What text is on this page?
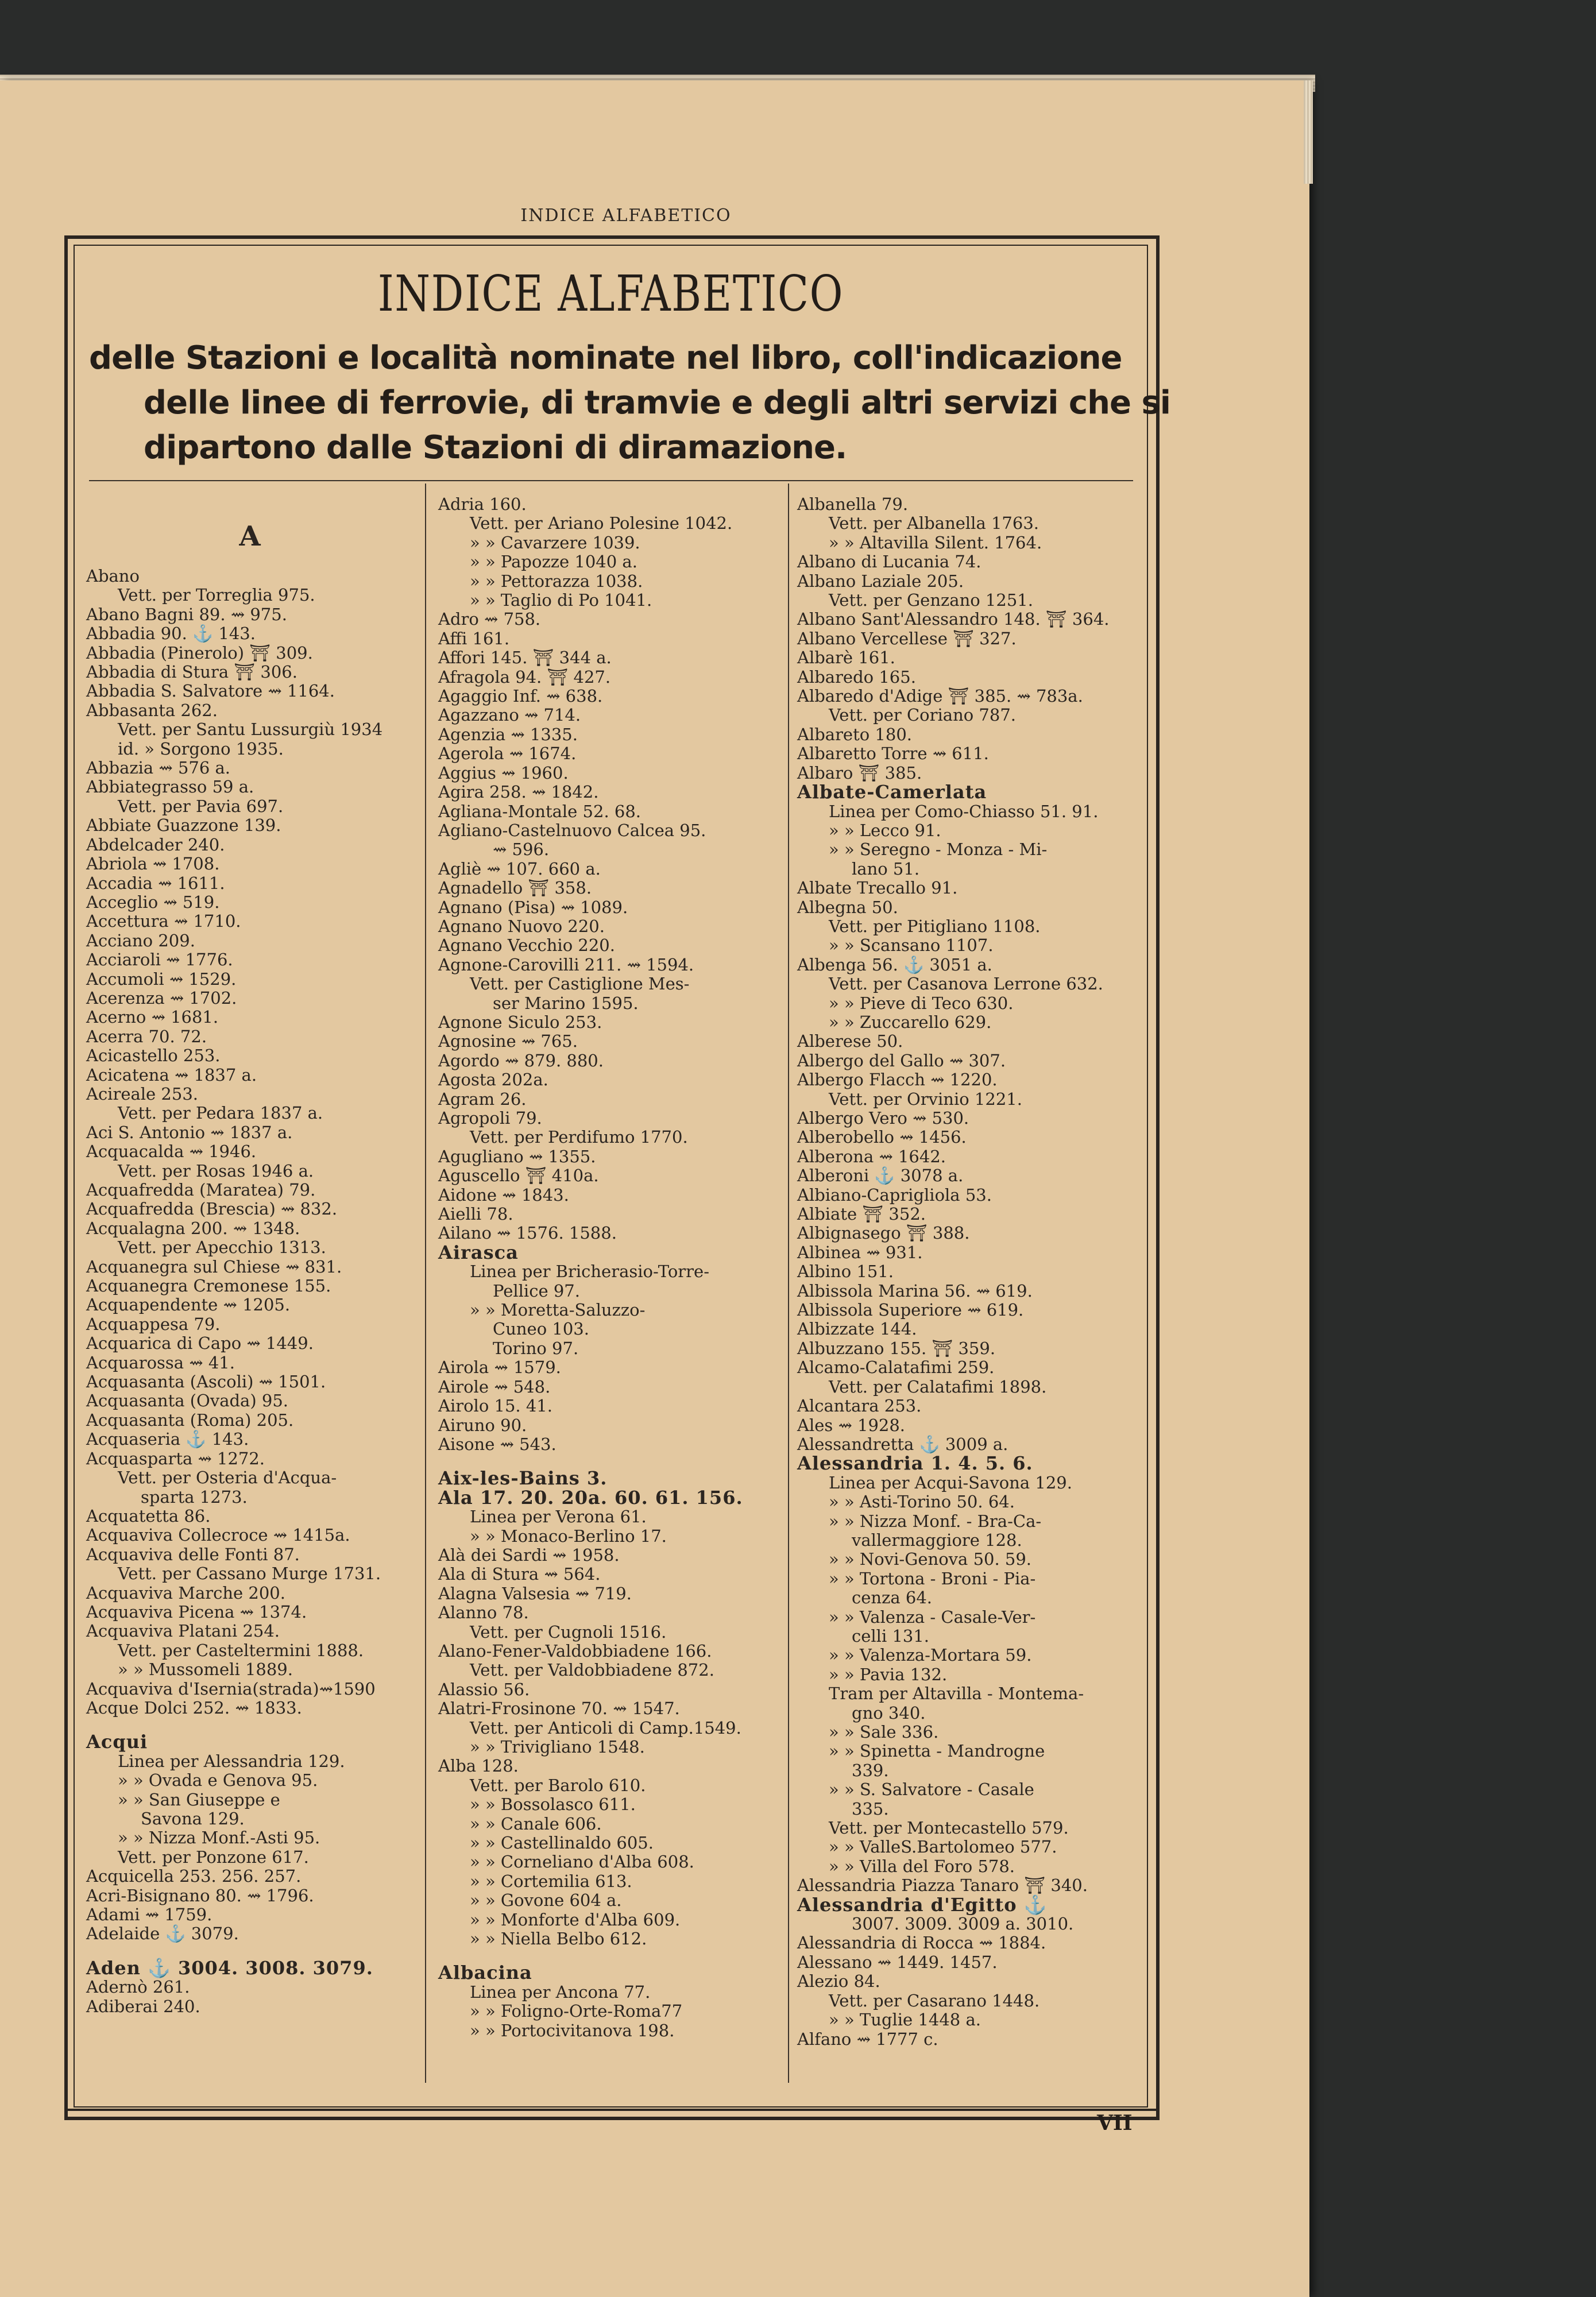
INDICE ALFABETICO
INDICE ALFABETICO
delle Stazioni e località nominate nel libro, coll'indicazione delle linee di ferrovie, di tramvie e degli altri servizi che si dipartono dalle Stazioni di diramazione.
A
Abano
Vett. per Torreglia 975.
Abano Bagni 89. ⇝ 975.
Abbadia 90. ⚓ 143.
Abbadia (Pinerolo) ⛩ 309.
Abbadia di Stura ⛩ 306.
Abbadia S. Salvatore ⇝ 1164.
Abbasanta 262.
Vett. per Santu Lussurgiù 1934
id. » Sorgono 1935.
Abbazia ⇝ 576 a.
Abbiategrasso 59 a.
Vett. per Pavia 697.
Abbiate Guazzone 139.
Abdelcader 240.
Abriola ⇝ 1708.
Accadia ⇝ 1611.
Acceglio ⇝ 519.
Accettura ⇝ 1710.
Acciano 209.
Acciaroli ⇝ 1776.
Accumoli ⇝ 1529.
Acerenza ⇝ 1702.
Acerno ⇝ 1681.
Acerra 70. 72.
Acicastello 253.
Acicatena ⇝ 1837 a.
Acireale 253.
Vett. per Pedara 1837 a.
Aci S. Antonio ⇝ 1837 a.
Acquacalda ⇝ 1946.
Vett. per Rosas 1946 a.
Acquafredda (Maratea) 79.
Acquafredda (Brescia) ⇝ 832.
Acqualagna 200. ⇝ 1348.
Vett. per Apecchio 1313.
Acquanegra sul Chiese ⇝ 831.
Acquanegra Cremonese 155.
Acquapendente ⇝ 1205.
Acquappesa 79.
Acquarica di Capo ⇝ 1449.
Acquarossa ⇝ 41.
Acquasanta (Ascoli) ⇝ 1501.
Acquasanta (Ovada) 95.
Acquasanta (Roma) 205.
Acquaseria ⚓ 143.
Acquasparta ⇝ 1272.
Vett. per Osteria d'Acqua-
sparta 1273.
Acquatetta 86.
Acquaviva Collecroce ⇝ 1415a.
Acquaviva delle Fonti 87.
Vett. per Cassano Murge 1731.
Acquaviva Marche 200.
Acquaviva Picena ⇝ 1374.
Acquaviva Platani 254.
Vett. per Casteltermini 1888.
» » Mussomeli 1889.
Acquaviva d'Isernia(strada)⇝1590
Acque Dolci 252. ⇝ 1833.
Acqui
Linea per Alessandria 129.
» » Ovada e Genova 95.
» » San Giuseppe e
Savona 129.
» » Nizza Monf.-Asti 95.
Vett. per Ponzone 617.
Acquicella 253. 256. 257.
Acri-Bisignano 80. ⇝ 1796.
Adami ⇝ 1759.
Adelaide ⚓ 3079.
Aden ⚓ 3004. 3008. 3079.
Adernò 261.
Adiberai 240.
Adria 160.
Vett. per Ariano Polesine 1042.
» » Cavarzere 1039.
» » Papozze 1040 a.
» » Pettorazza 1038.
» » Taglio di Po 1041.
Adro ⇝ 758.
Affi 161.
Affori 145. ⛩ 344 a.
Afragola 94. ⛩ 427.
Agaggio Inf. ⇝ 638.
Agazzano ⇝ 714.
Agenzia ⇝ 1335.
Agerola ⇝ 1674.
Aggius ⇝ 1960.
Agira 258. ⇝ 1842.
Agliana-Montale 52. 68.
Agliano-Castelnuovo Calcea 95.
⇝ 596.
Agliè ⇝ 107. 660 a.
Agnadello ⛩ 358.
Agnano (Pisa) ⇝ 1089.
Agnano Nuovo 220.
Agnano Vecchio 220.
Agnone-Carovilli 211. ⇝ 1594.
Vett. per Castiglione Mes-
ser Marino 1595.
Agnone Siculo 253.
Agnosine ⇝ 765.
Agordo ⇝ 879. 880.
Agosta 202a.
Agram 26.
Agropoli 79.
Vett. per Perdifumo 1770.
Agugliano ⇝ 1355.
Aguscello ⛩ 410a.
Aidone ⇝ 1843.
Aielli 78.
Ailano ⇝ 1576. 1588.
Airasca
Linea per Bricherasio-Torre-
Pellice 97.
» » Moretta-Saluzzo-
Cuneo 103.
Torino 97.
Airola ⇝ 1579.
Airole ⇝ 548.
Airolo 15. 41.
Airuno 90.
Aisone ⇝ 543.
Aix-les-Bains 3.
Ala 17. 20. 20a. 60. 61. 156.
Linea per Verona 61.
» » Monaco-Berlino 17.
Alà dei Sardi ⇝ 1958.
Ala di Stura ⇝ 564.
Alagna Valsesia ⇝ 719.
Alanno 78.
Vett. per Cugnoli 1516.
Alano-Fener-Valdobbiadene 166.
Vett. per Valdobbiadene 872.
Alassio 56.
Alatri-Frosinone 70. ⇝ 1547.
Vett. per Anticoli di Camp.1549.
» » Trivigliano 1548.
Alba 128.
Vett. per Barolo 610.
» » Bossolasco 611.
» » Canale 606.
» » Castellinaldo 605.
» » Corneliano d'Alba 608.
» » Cortemilia 613.
» » Govone 604 a.
» » Monforte d'Alba 609.
» » Niella Belbo 612.
Albacina
Linea per Ancona 77.
» » Foligno-Orte-Roma77
» » Portocivitanova 198.
Albanella 79.
Vett. per Albanella 1763.
» » Altavilla Silent. 1764.
Albano di Lucania 74.
Albano Laziale 205.
Vett. per Genzano 1251.
Albano Sant'Alessandro 148. ⛩ 364.
Albano Vercellese ⛩ 327.
Albarè 161.
Albaredo 165.
Albaredo d'Adige ⛩ 385. ⇝ 783a.
Vett. per Coriano 787.
Albareto 180.
Albaretto Torre ⇝ 611.
Albaro ⛩ 385.
Albate-Camerlata
Linea per Como-Chiasso 51. 91.
» » Lecco 91.
» » Seregno - Monza - Mi-
lano 51.
Albate Trecallo 91.
Albegna 50.
Vett. per Pitigliano 1108.
» » Scansano 1107.
Albenga 56. ⚓ 3051 a.
Vett. per Casanova Lerrone 632.
» » Pieve di Teco 630.
» » Zuccarello 629.
Alberese 50.
Albergo del Gallo ⇝ 307.
Albergo Flacch ⇝ 1220.
Vett. per Orvinio 1221.
Albergo Vero ⇝ 530.
Alberobello ⇝ 1456.
Alberona ⇝ 1642.
Alberoni ⚓ 3078 a.
Albiano-Caprigliola 53.
Albiate ⛩ 352.
Albignasego ⛩ 388.
Albinea ⇝ 931.
Albino 151.
Albissola Marina 56. ⇝ 619.
Albissola Superiore ⇝ 619.
Albizzate 144.
Albuzzano 155. ⛩ 359.
Alcamo-Calatafimi 259.
Vett. per Calatafimi 1898.
Alcantara 253.
Ales ⇝ 1928.
Alessandretta ⚓ 3009 a.
Alessandria 1. 4. 5. 6.
Linea per Acqui-Savona 129.
» » Asti-Torino 50. 64.
» » Nizza Monf. - Bra-Ca-
vallermaggiore 128.
» » Novi-Genova 50. 59.
» » Tortona - Broni - Pia-
cenza 64.
» » Valenza - Casale-Ver-
celli 131.
» » Valenza-Mortara 59.
» » Pavia 132.
Tram per Altavilla - Montema-
gno 340.
» » Sale 336.
» » Spinetta - Mandrogne
339.
» » S. Salvatore - Casale
335.
Vett. per Montecastello 579.
» » ValleS.Bartolomeo 577.
» » Villa del Foro 578.
Alessandria Piazza Tanaro ⛩ 340.
Alessandria d'Egitto ⚓
3007. 3009. 3009 a. 3010.
Alessandria di Rocca ⇝ 1884.
Alessano ⇝ 1449. 1457.
Alezio 84.
Vett. per Casarano 1448.
» » Tuglie 1448 a.
Alfano ⇝ 1777 c.
VII
